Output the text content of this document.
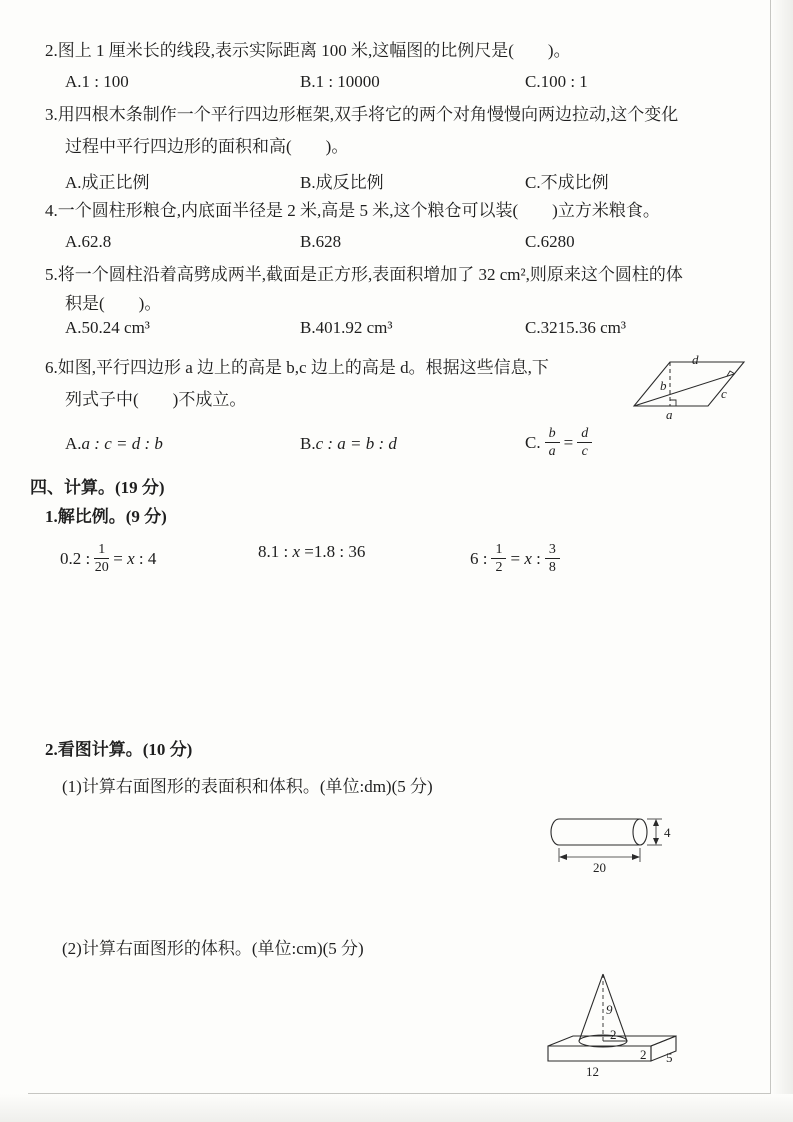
2.图上 1 厘米长的线段,表示实际距离 100 米,这幅图的比例尺是(        )。
A.1 : 100	B.1 : 10000	C.100 : 1
3.用四根木条制作一个平行四边形框架,双手将它的两个对角慢慢向两边拉动,这个变化
过程中平行四边形的面积和高(        )。
A.成正比例	B.成反比例	C.不成比例
4.一个圆柱形粮仓,内底面半径是 2 米,高是 5 米,这个粮仓可以装(        )立方米粮食。
A.62.8	B.628	C.6280
5.将一个圆柱沿着高劈成两半,截面是正方形,表面积增加了 32 cm²,则原来这个圆柱的体
积是(        )。
A.50.24 cm³	B.401.92 cm³	C.3215.36 cm³
6.如图,平行四边形 a 边上的高是 b,c 边上的高是 d。根据这些信息,下
列式子中(        )不成立。
A.a : c = d : b	B.c : a = b : d	C. $\frac{b}{a} = \frac{d}{c}$
d
b
c
a
四、计算。(19 分)
1.解比例。(9 分)
0.2 : $\frac{1}{20} = x$ : 4	8.1 : x =1.8 : 36	6 : $\frac{1}{2} = x$ : $\frac{3}{8}$
2.看图计算。(10 分)
(1)计算右面图形的表面积和体积。(单位:dm)(5 分)
20
4
(2)计算右面图形的体积。(单位:cm)(5 分)
9
2
12
2 5
